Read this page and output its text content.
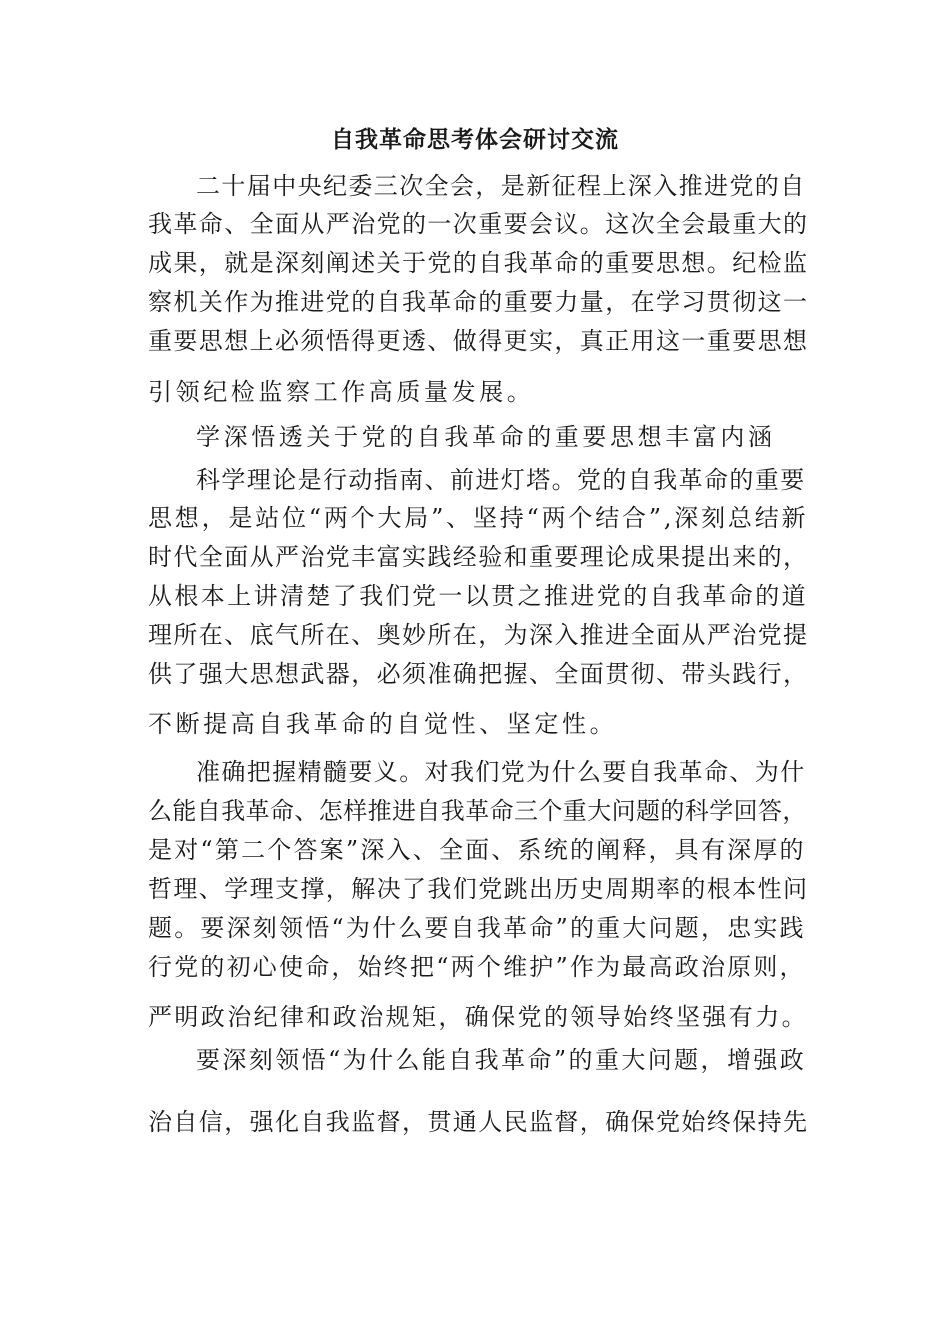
自我革命思考体会研讨交流
二十届中央纪委三次全会，是新征程上深入推进党的自
我革命、全面从严治党的一次重要会议。这次全会最重大的
成果，就是深刻阐述关于党的自我革命的重要思想。纪检监
察机关作为推进党的自我革命的重要力量，在学习贯彻这一
重要思想上必须悟得更透、做得更实，真正用这一重要思想
引领纪检监察工作高质量发展。
学深悟透关于党的自我革命的重要思想丰富内涵
科学理论是行动指南、前进灯塔。党的自我革命的重要
思想，是站位“两个大局”、坚持“两个结合”,深刻总结新
时代全面从严治党丰富实践经验和重要理论成果提出来的，
从根本上讲清楚了我们党一以贯之推进党的自我革命的道
理所在、底气所在、奥妙所在，为深入推进全面从严治党提
供了强大思想武器，必须准确把握、全面贯彻、带头践行，
不断提高自我革命的自觉性、坚定性。
准确把握精髓要义。对我们党为什么要自我革命、为什
么能自我革命、怎样推进自我革命三个重大问题的科学回答，
是对“第二个答案”深入、全面、系统的阐释，具有深厚的
哲理、学理支撑，解决了我们党跳出历史周期率的根本性问
题。要深刻领悟“为什么要自我革命”的重大问题，忠实践
行党的初心使命，始终把“两个维护”作为最高政治原则，
严明政治纪律和政治规矩，确保党的领导始终坚强有力。
要深刻领悟“为什么能自我革命”的重大问题，增强政
治自信，强化自我监督，贯通人民监督，确保党始终保持先
